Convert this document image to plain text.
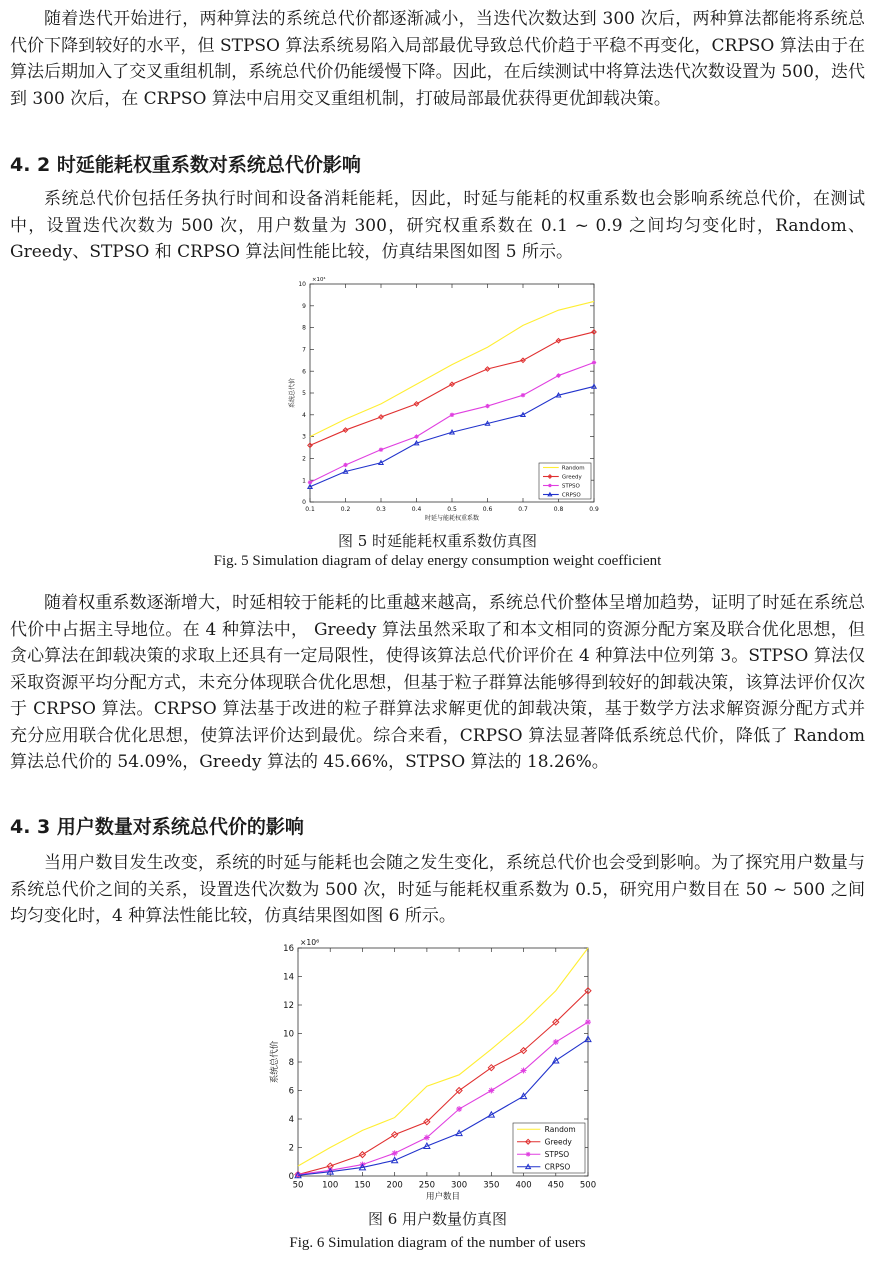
随着迭代开始进行，两种算法的系统总代价都逐渐减小，当迭代次数达到 300 次后，两种算法都能将系统总代价下降到较好的水平，但 STPSO 算法系统易陷入局部最优导致总代价趋于平稳不再变化，CRPSO 算法由于在算法后期加入了交叉重组机制，系统总代价仍能缓慢下降。因此，在后续测试中将算法迭代次数设置为 500，迭代到 300 次后，在 CRPSO 算法中启用交叉重组机制，打破局部最优获得更优卸载决策。

4. 2 时延能耗权重系数对系统总代价影响

系统总代价包括任务执行时间和设备消耗能耗，因此，时延与能耗的权重系数也会影响系统总代价，在测试中，设置迭代次数为 500 次，用户数量为 300，研究权重系数在 0.1 ~ 0.9 之间均匀变化时，Random、Greedy、STPSO 和 CRPSO 算法间性能比较，仿真结果图如图 5 所示。

0
1
2
3
4
5
6
7
8
9
10
0.1	0.2	0.3	0.4	0.5	0.6	0.7	0.8	0.9
×10⁴
时延与能耗权重系数
系统总代价
Random
Greedy
STPSO
CRPSO

图 5 时延能耗权重系数仿真图

Fig. 5 Simulation diagram of delay energy consumption weight coefficient

随着权重系数逐渐增大，时延相较于能耗的比重越来越高，系统总代价整体呈增加趋势，证明了时延在系统总代价中占据主导地位。在 4 种算法中， Greedy 算法虽然采取了和本文相同的资源分配方案及联合优化思想，但贪心算法在卸载决策的求取上还具有一定局限性，使得该算法总代价评价在 4 种算法中位列第 3。STPSO 算法仅采取资源平均分配方式，未充分体现联合优化思想，但基于粒子群算法能够得到较好的卸载决策，该算法评价仅次于 CRPSO 算法。CRPSO 算法基于改进的粒子群算法求解更优的卸载决策，基于数学方法求解资源分配方式并充分应用联合优化思想，使算法评价达到最优。综合来看，CRPSO 算法显著降低系统总代价，降低了 Random 算法总代价的 54.09%，Greedy 算法的 45.66%，STPSO 算法的 18.26%。

4. 3 用户数量对系统总代价的影响

当用户数目发生改变，系统的时延与能耗也会随之发生变化，系统总代价也会受到影响。为了探究用户数量与系统总代价之间的关系，设置迭代次数为 500 次，时延与能耗权重系数为 0.5，研究用户数目在 50 ~ 500 之间均匀变化时，4 种算法性能比较，仿真结果图如图 6 所示。

0
2
4
6
8
10
12
14
16
50 100 150 200 250 300 350 400 450 500
×10⁶
用户数目
系统总代价
Random
Greedy
STPSO
CRPSO

图 6 用户数量仿真图

Fig. 6 Simulation diagram of the number of users
